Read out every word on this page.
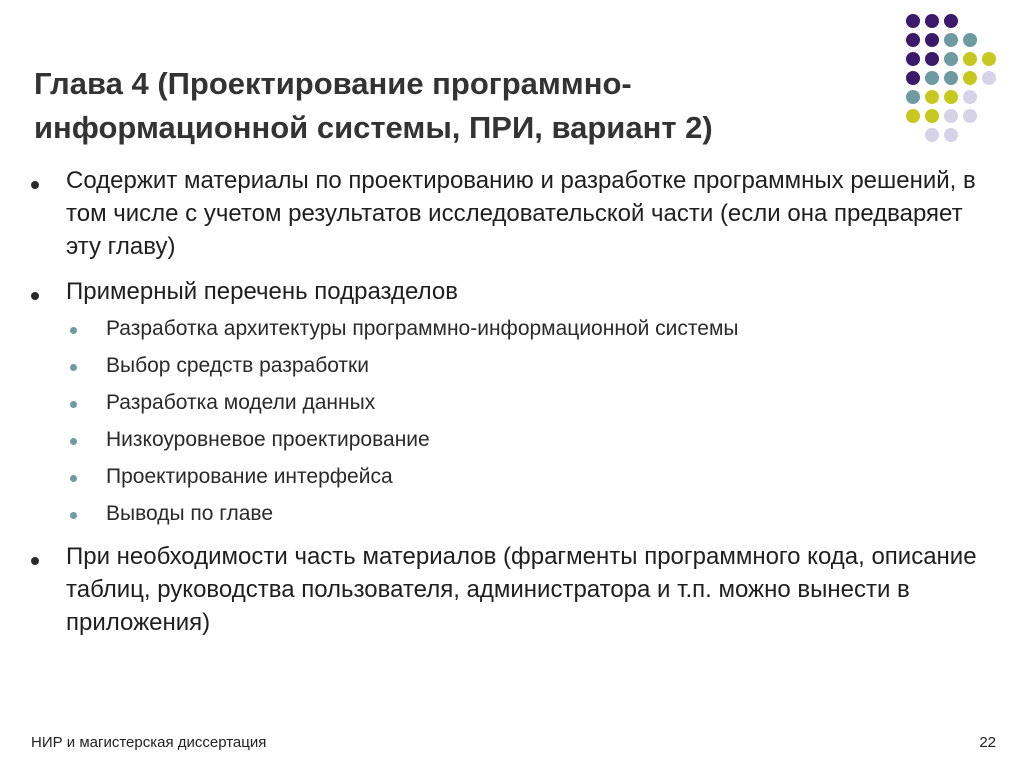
Глава 4 (Проектирование программно-информационной системы, ПРИ, вариант 2)
Содержит материалы по проектированию и разработке программных решений, в том числе с учетом результатов исследовательской части (если она предваряет эту главу)
Примерный перечень подразделов
Разработка архитектуры программно-информационной системы
Выбор средств разработки
Разработка модели данных
Низкоуровневое проектирование
Проектирование интерфейса
Выводы по главе
При необходимости часть материалов (фрагменты программного кода, описание таблиц, руководства пользователя, администратора и т.п. можно вынести в приложения)
НИР и магистерская диссертация	22
